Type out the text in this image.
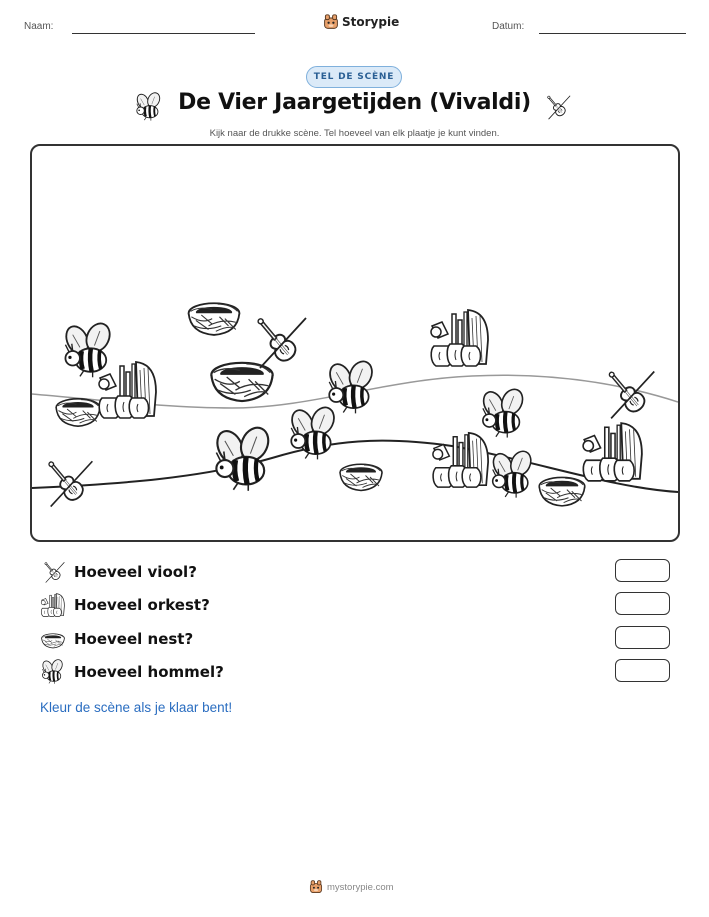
Naam:	Storypie	Datum:
TEL DE SCÈNE
De Vier Jaargetijden (Vivaldi)
Kijk naar de drukke scène. Tel hoeveel van elk plaatje je kunt vinden.
Hoeveel viool?
Hoeveel orkest?
Hoeveel nest?
Hoeveel hommel?
Kleur de scène als je klaar bent!
mystorypie.com
